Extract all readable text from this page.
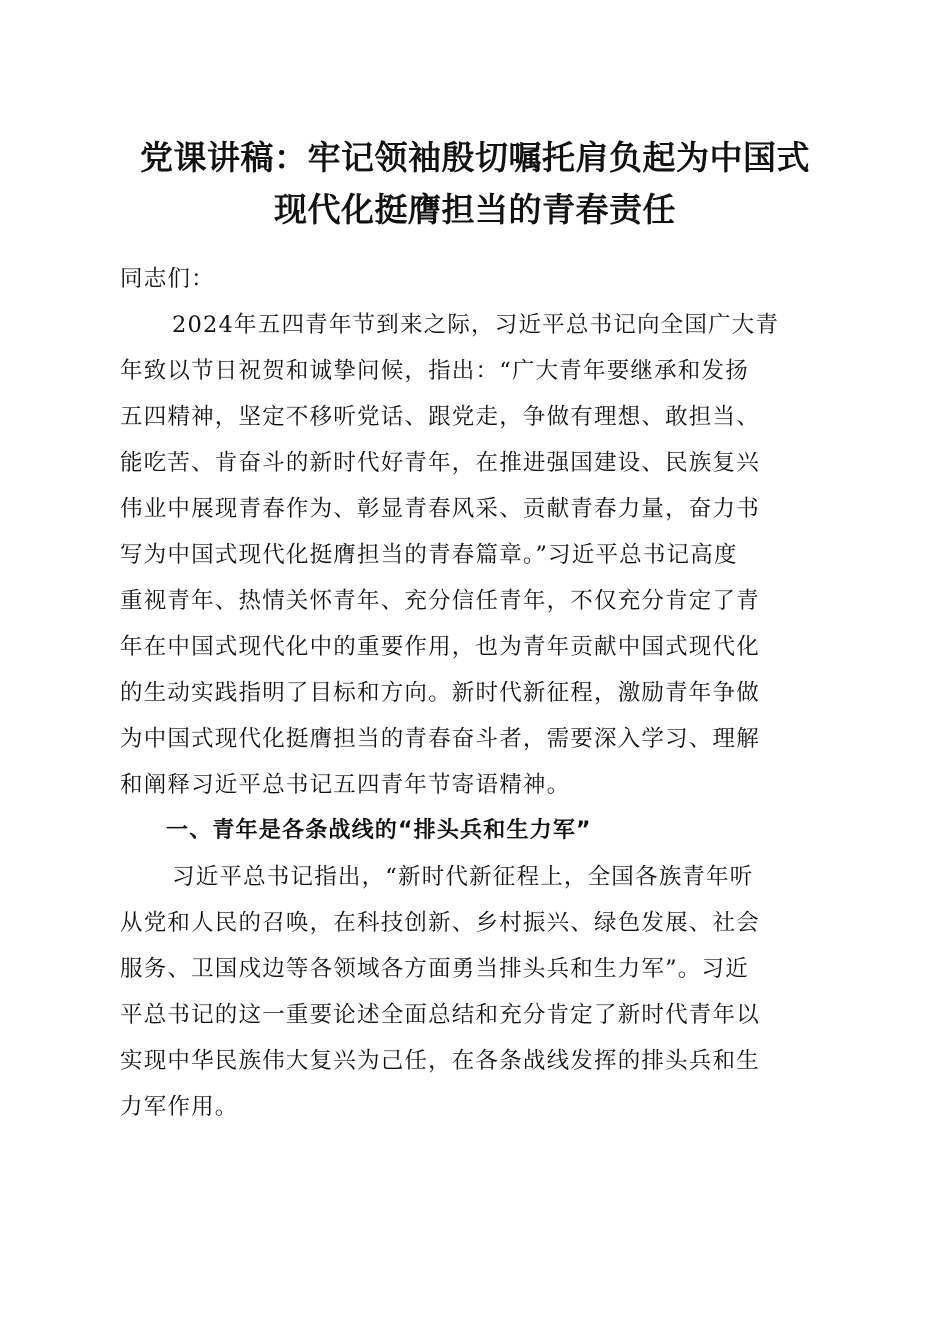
党课讲稿：牢记领袖殷切嘱托肩负起为中国式
现代化挺膺担当的青春责任

同志们：

2024年五四青年节到来之际，习近平总书记向全国广大青
年致以节日祝贺和诚挚问候，指出：“广大青年要继承和发扬
五四精神，坚定不移听党话、跟党走，争做有理想、敢担当、
能吃苦、肯奋斗的新时代好青年，在推进强国建设、民族复兴
伟业中展现青春作为、彰显青春风采、贡献青春力量，奋力书
写为中国式现代化挺膺担当的青春篇章。”习近平总书记高度
重视青年、热情关怀青年、充分信任青年，不仅充分肯定了青
年在中国式现代化中的重要作用，也为青年贡献中国式现代化
的生动实践指明了目标和方向。新时代新征程，激励青年争做
为中国式现代化挺膺担当的青春奋斗者，需要深入学习、理解
和阐释习近平总书记五四青年节寄语精神。

一、青年是各条战线的“排头兵和生力军”

习近平总书记指出，“新时代新征程上，全国各族青年听
从党和人民的召唤，在科技创新、乡村振兴、绿色发展、社会
服务、卫国戍边等各领域各方面勇当排头兵和生力军”。习近
平总书记的这一重要论述全面总结和充分肯定了新时代青年以
实现中华民族伟大复兴为己任，在各条战线发挥的排头兵和生
力军作用。
